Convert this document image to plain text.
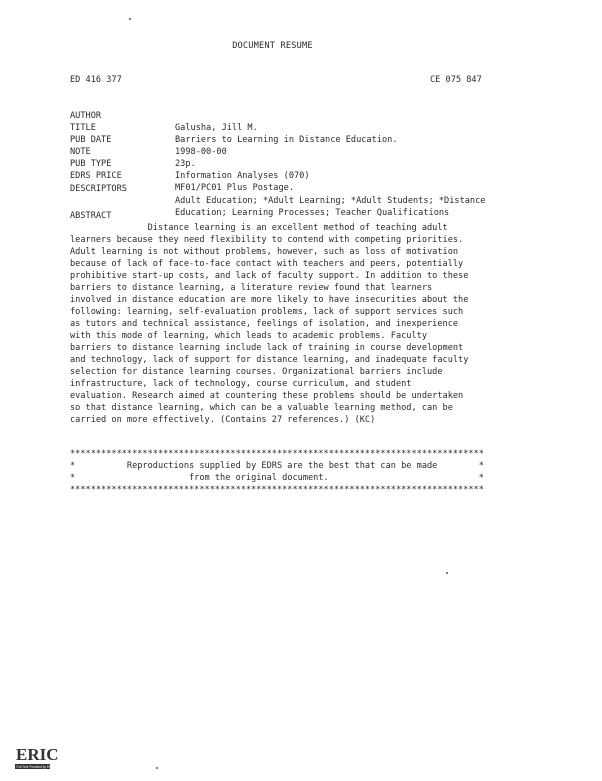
DOCUMENT RESUME
ED 416 377	CE 075 847

AUTHOR

Galusha, Jill M.

TITLE

Barriers to Learning in Distance Education.

PUB DATE

1998-00-00

NOTE

23p.

PUB TYPE

Information Analyses (070)

EDRS PRICE

MF01/PC01 Plus Postage.

DESCRIPTORS

Adult Education; *Adult Learning; *Adult Students; *Distance
Education; Learning Processes; Teacher Qualifications

ABSTRACT
Distance learning is an excellent method of teaching adult
learners because they need flexibility to contend with competing priorities.
Adult learning is not without problems, however, such as loss of motivation
because of lack of face-to-face contact with teachers and peers, potentially
prohibitive start-up costs, and lack of faculty support. In addition to these
barriers to distance learning, a literature review found that learners
involved in distance education are more likely to have insecurities about the
following: learning, self-evaluation problems, lack of support services such
as tutors and technical assistance, feelings of isolation, and inexperience
with this mode of learning, which leads to academic problems. Faculty
barriers to distance learning include lack of training in course development
and technology, lack of support for distance learning, and inadequate faculty
selection for distance learning courses. Organizational barriers include
infrastructure, lack of technology, course curriculum, and student
evaluation. Research aimed at countering these problems should be undertaken
so that distance learning, which can be a valuable learning method, can be
carried on more effectively. (Contains 27 references.) (KC)
********************************************************************************
*          Reproductions supplied by EDRS are the best that can be made        *
*                      from the original document.                             *
********************************************************************************
ERIC
Full Text Provided by ERIC
